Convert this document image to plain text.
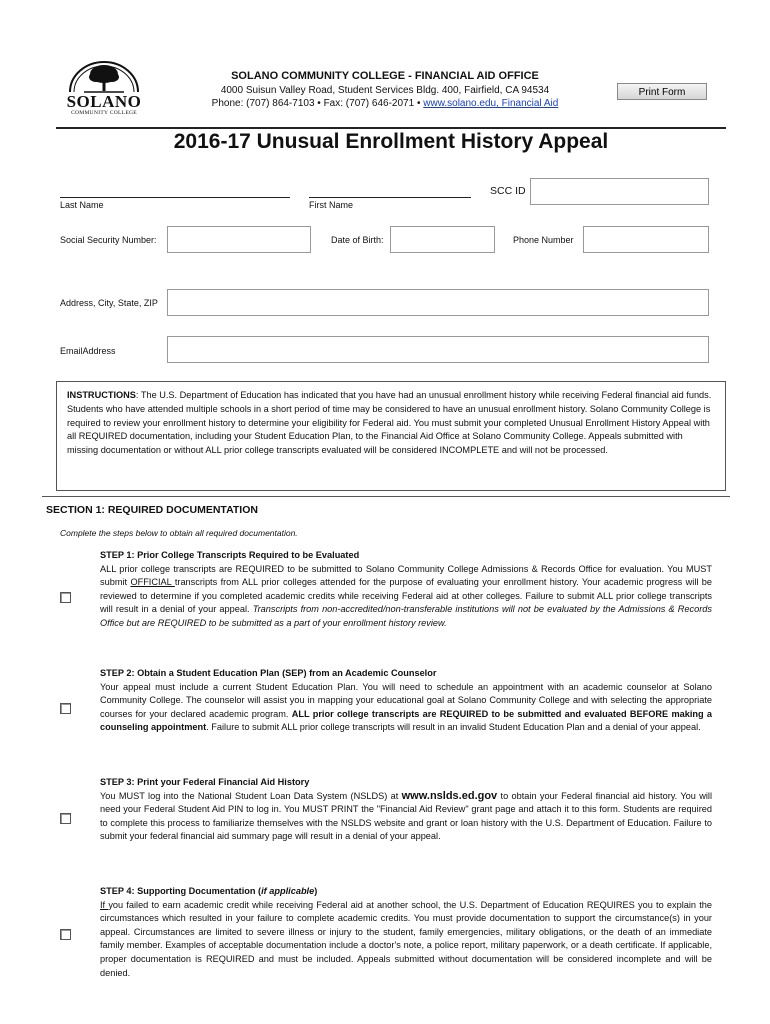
SOLANO
COMMUNITY COLLEGE
SOLANO COMMUNITY COLLEGE - FINANCIAL AID OFFICE
4000 Suisun Valley Road, Student Services Bldg. 400, Fairfield, CA 94534
Phone: (707) 864-7103 • Fax: (707) 646-2071 • www.solano.edu, Financial Aid
Print Form
2016-17 Unusual Enrollment History Appeal
Last Name	First Name
SCC ID
Social Security Number:	Date of Birth:	Phone Number
Address, City, State, ZIP
EmailAddress
INSTRUCTIONS: The U.S. Department of Education has indicated that you have had an unusual enrollment history while receiving Federal financial aid funds. Students who have attended multiple schools in a short period of time may be considered to have an unusual enrollment history. Solano Community College is required to review your enrollment history to determine your eligibility for Federal aid. You must submit your completed Unusual Enrollment History Appeal with all REQUIRED documentation, including your Student Education Plan, to the Financial Aid Office at Solano Community College. Appeals submitted with missing documentation or without ALL prior college transcripts evaluated will be considered INCOMPLETE and will not be processed.
SECTION 1: REQUIRED DOCUMENTATION
Complete the steps below to obtain all required documentation.
STEP 1: Prior College Transcripts Required to be Evaluated
ALL prior college transcripts are REQUIRED to be submitted to Solano Community College Admissions & Records Office for evaluation. You MUST submit OFFICIAL transcripts from ALL prior colleges attended for the purpose of evaluating your enrollment history. Your academic progress will be reviewed to determine if you completed academic credits while receiving Federal aid at other colleges. Failure to submit ALL prior college transcripts will result in a denial of your appeal. Transcripts from non-accredited/non-transferable institutions will not be evaluated by the Admissions & Records Office but are REQUIRED to be submitted as a part of your enrollment history review.
STEP 2: Obtain a Student Education Plan (SEP) from an Academic Counselor
Your appeal must include a current Student Education Plan. You will need to schedule an appointment with an academic counselor at Solano Community College. The counselor will assist you in mapping your educational goal at Solano Community College and with selecting the appropriate courses for your declared academic program. ALL prior college transcripts are REQUIRED to be submitted and evaluated BEFORE making a counseling appointment. Failure to submit ALL prior college transcripts will result in an invalid Student Education Plan and a denial of your appeal.
STEP 3: Print your Federal Financial Aid History
You MUST log into the National Student Loan Data System (NSLDS) at www.nslds.ed.gov to obtain your Federal financial aid history. You will need your Federal Student Aid PIN to log in. You MUST PRINT the "Financial Aid Review" grant page and attach it to this form. Students are required to complete this process to familiarize themselves with the NSLDS website and grant or loan history with the U.S. Department of Education. Failure to submit your federal financial aid summary page will result in a denial of your appeal.
STEP 4: Supporting Documentation (if applicable)
If you failed to earn academic credit while receiving Federal aid at another school, the U.S. Department of Education REQUIRES you to explain the circumstances which resulted in your failure to complete academic credits. You must provide documentation to support the circumstance(s) in your appeal. Circumstances are limited to severe illness or injury to the student, family emergencies, military obligations, or the death of an immediate family member. Examples of acceptable documentation include a doctor's note, a police report, military paperwork, or a death certificate. If applicable, proper documentation is REQUIRED and must be included. Appeals submitted without documentation will be considered incomplete and will be denied.
